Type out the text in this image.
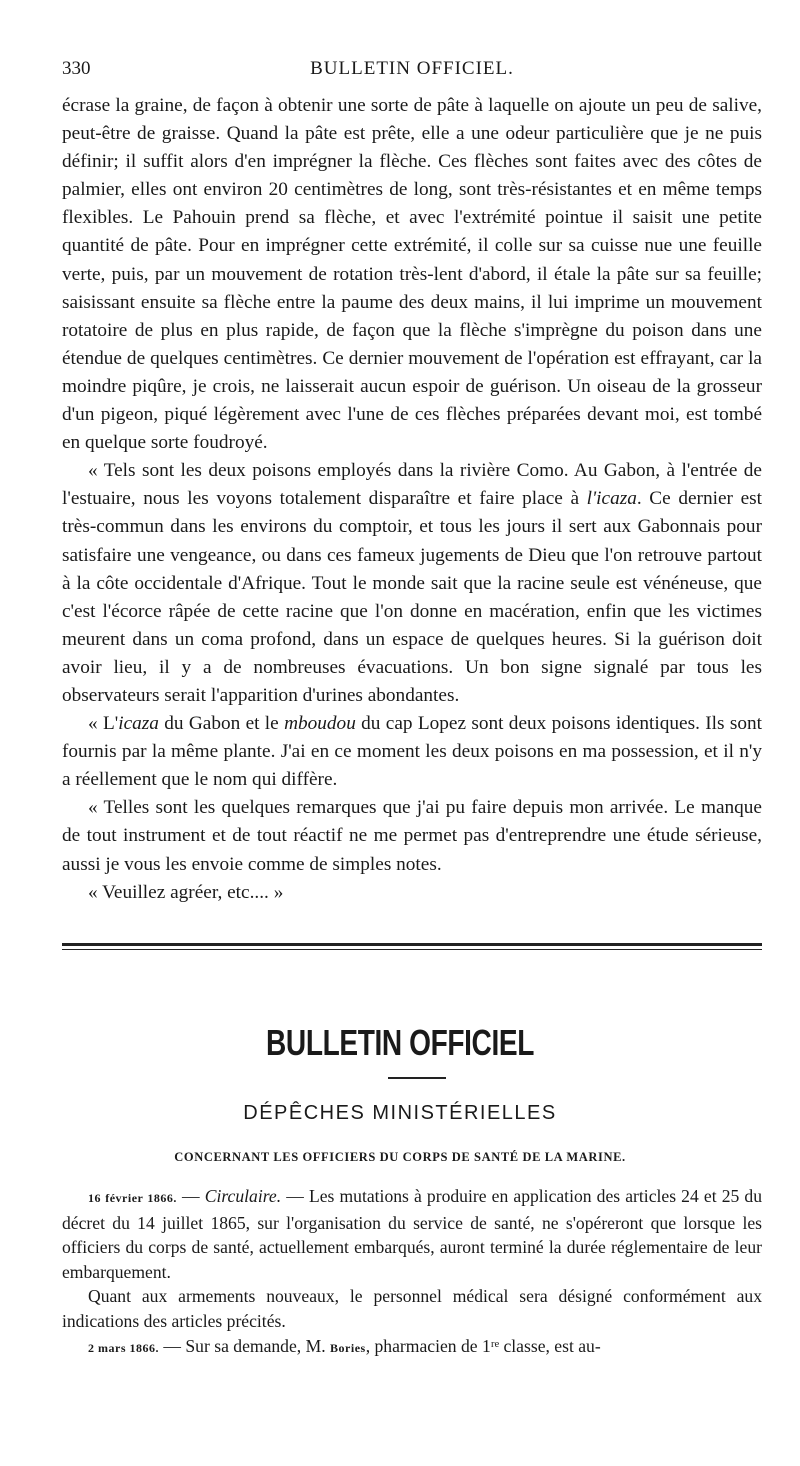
330	BULLETIN OFFICIEL.

écrase la graine, de façon à obtenir une sorte de pâte à laquelle on ajoute un peu de salive, peut-être de graisse. Quand la pâte est prête, elle a une odeur particulière que je ne puis définir; il suffit alors d'en imprégner la flèche. Ces flèches sont faites avec des côtes de palmier, elles ont environ 20 centimètres de long, sont très-résistantes et en même temps flexibles. Le Pahouin prend sa flèche, et avec l'extrémité pointue il saisit une petite quantité de pâte. Pour en imprégner cette extrémité, il colle sur sa cuisse nue une feuille verte, puis, par un mouvement de rotation très-lent d'abord, il étale la pâte sur sa feuille; saisissant ensuite sa flèche entre la paume des deux mains, il lui imprime un mouvement rotatoire de plus en plus rapide, de façon que la flèche s'imprègne du poison dans une étendue de quelques centimètres. Ce dernier mouvement de l'opération est effrayant, car la moindre piqûre, je crois, ne laisserait aucun espoir de guérison. Un oiseau de la grosseur d'un pigeon, piqué légèrement avec l'une de ces flèches préparées devant moi, est tombé en quelque sorte foudroyé.

« Tels sont les deux poisons employés dans la rivière Como. Au Gabon, à l'entrée de l'estuaire, nous les voyons totalement disparaître et faire place à l'icaza. Ce dernier est très-commun dans les environs du comptoir, et tous les jours il sert aux Gabonnais pour satisfaire une vengeance, ou dans ces fameux jugements de Dieu que l'on retrouve partout à la côte occidentale d'Afrique. Tout le monde sait que la racine seule est vénéneuse, que c'est l'écorce râpée de cette racine que l'on donne en macération, enfin que les victimes meurent dans un coma profond, dans un espace de quelques heures. Si la guérison doit avoir lieu, il y a de nombreuses évacuations. Un bon signe signalé par tous les observateurs serait l'apparition d'urines abondantes.

« L'icaza du Gabon et le mboudou du cap Lopez sont deux poisons identiques. Ils sont fournis par la même plante. J'ai en ce moment les deux poisons en ma possession, et il n'y a réellement que le nom qui diffère.

« Telles sont les quelques remarques que j'ai pu faire depuis mon arrivée. Le manque de tout instrument et de tout réactif ne me permet pas d'entreprendre une étude sérieuse, aussi je vous les envoie comme de simples notes.

« Veuillez agréer, etc.... »

BULLETIN OFFICIEL
DÉPÊCHES MINISTÉRIELLES
CONCERNANT LES OFFICIERS DU CORPS DE SANTÉ DE LA MARINE.

16 février 1866. — Circulaire. — Les mutations à produire en application des articles 24 et 25 du décret du 14 juillet 1865, sur l'organisation du service de santé, ne s'opéreront que lorsque les officiers du corps de santé, actuellement embarqués, auront terminé la durée réglementaire de leur embarquement.

Quant aux armements nouveaux, le personnel médical sera désigné conformément aux indications des articles précités.

2 mars 1866. — Sur sa demande, M. Bories, pharmacien de 1ʳᵉ classe, est au-
